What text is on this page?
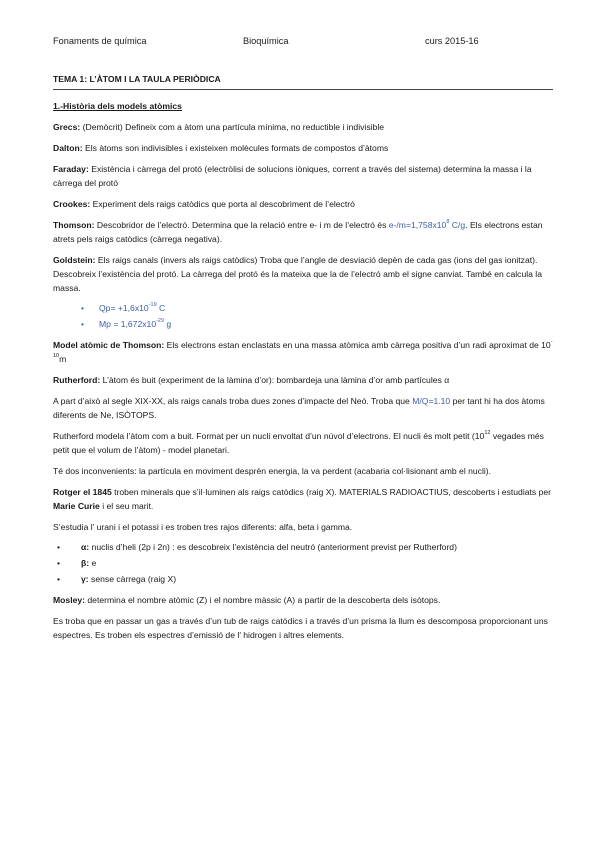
Fonaments de química	Bioquímica	curs 2015-16
TEMA 1: L’ÀTOM I LA TAULA PERIÒDICA
1.-Història dels models atòmics

Grecs: (Demòcrit) Defineix com a àtom una partícula mínima, no reductible i indivisible

Dalton: Els àtoms son indivisibles i existeixen molècules formats de compostos d’àtoms

Faraday: Existència i càrrega del protó (electròlisi de solucions iòniques, corrent a través del sistema) determina la massa i la càrrega del protó

Crookes: Experiment dels raigs catòdics que porta al descobriment de l’electró

Thomson: Descobridor de l’electró. Determina que la relació entre e- i m de l’electró és $e-/m=1,758x10^8$ C/g. Els electrons estan atrets pels raigs catòdics (càrrega negativa).

Goldstein: Els raigs canals (invers als raigs catòdics) Troba que l’angle de desviació depèn de cada gas (ions del gas ionitzat). Descobreix l’existència del protó. La càrrega del protó és la mateixa que la de l’electró amb el signe canviat. També en calcula la massa.

• $Qp= +1,6x10^{-19}$ C
• $Mp = 1,672x10^{-29}$ g

Model atòmic de Thomson: Els electrons estan enclastats en una massa atòmica amb càrrega positiva d’un radi aproximat de $10^{-10}m$

Rutherford: L’àtom és buit (experiment de la làmina d’or): bombardeja una làmina d’or amb partícules α

A part d’això al segle XIX-XX, als raigs canals troba dues zones d’impacte del Neó. Troba que M/Q=1.10 per tant hi ha dos àtoms diferents de Ne, ISÒTOPS.

Rutherford modela l’àtom com a buit. Format per un nucli envoltat d’un núvol d’electrons. El nucli és molt petit ($10^{12}$ vegades més petit que el volum de l’àtom) - model planetari.

Té dos inconvenients: la partícula en moviment desprèn energia, la va perdent (acabaria col·lisionant amb el nucli).

Rotger el 1845 troben minerals que s’il·luminen als raigs catòdics (raig X). MATERIALS RADIOACTIUS, descoberts i estudiats per Marie Curie i el seu marit.

S’estudia l’ urani i el potassi i es troben tres rajos diferents: alfa, beta i gamma.

• α: nuclis d’heli (2p i 2n) : es descobreix l’existència del neutró (anteriorment previst per Rutherford)
• β: e
• γ: sense càrrega (raig X)

Mosley: determina el nombre atòmic (Z) i el nombre màssic (A) a partir de la descoberta dels isòtops.

Es troba que en passar un gas a través d’un tub de raigs catòdics i a través d’un prisma la llum es descomposa proporcionant uns espectres. Es troben els espectres d’emissió de l’ hidrogen i altres elements.
